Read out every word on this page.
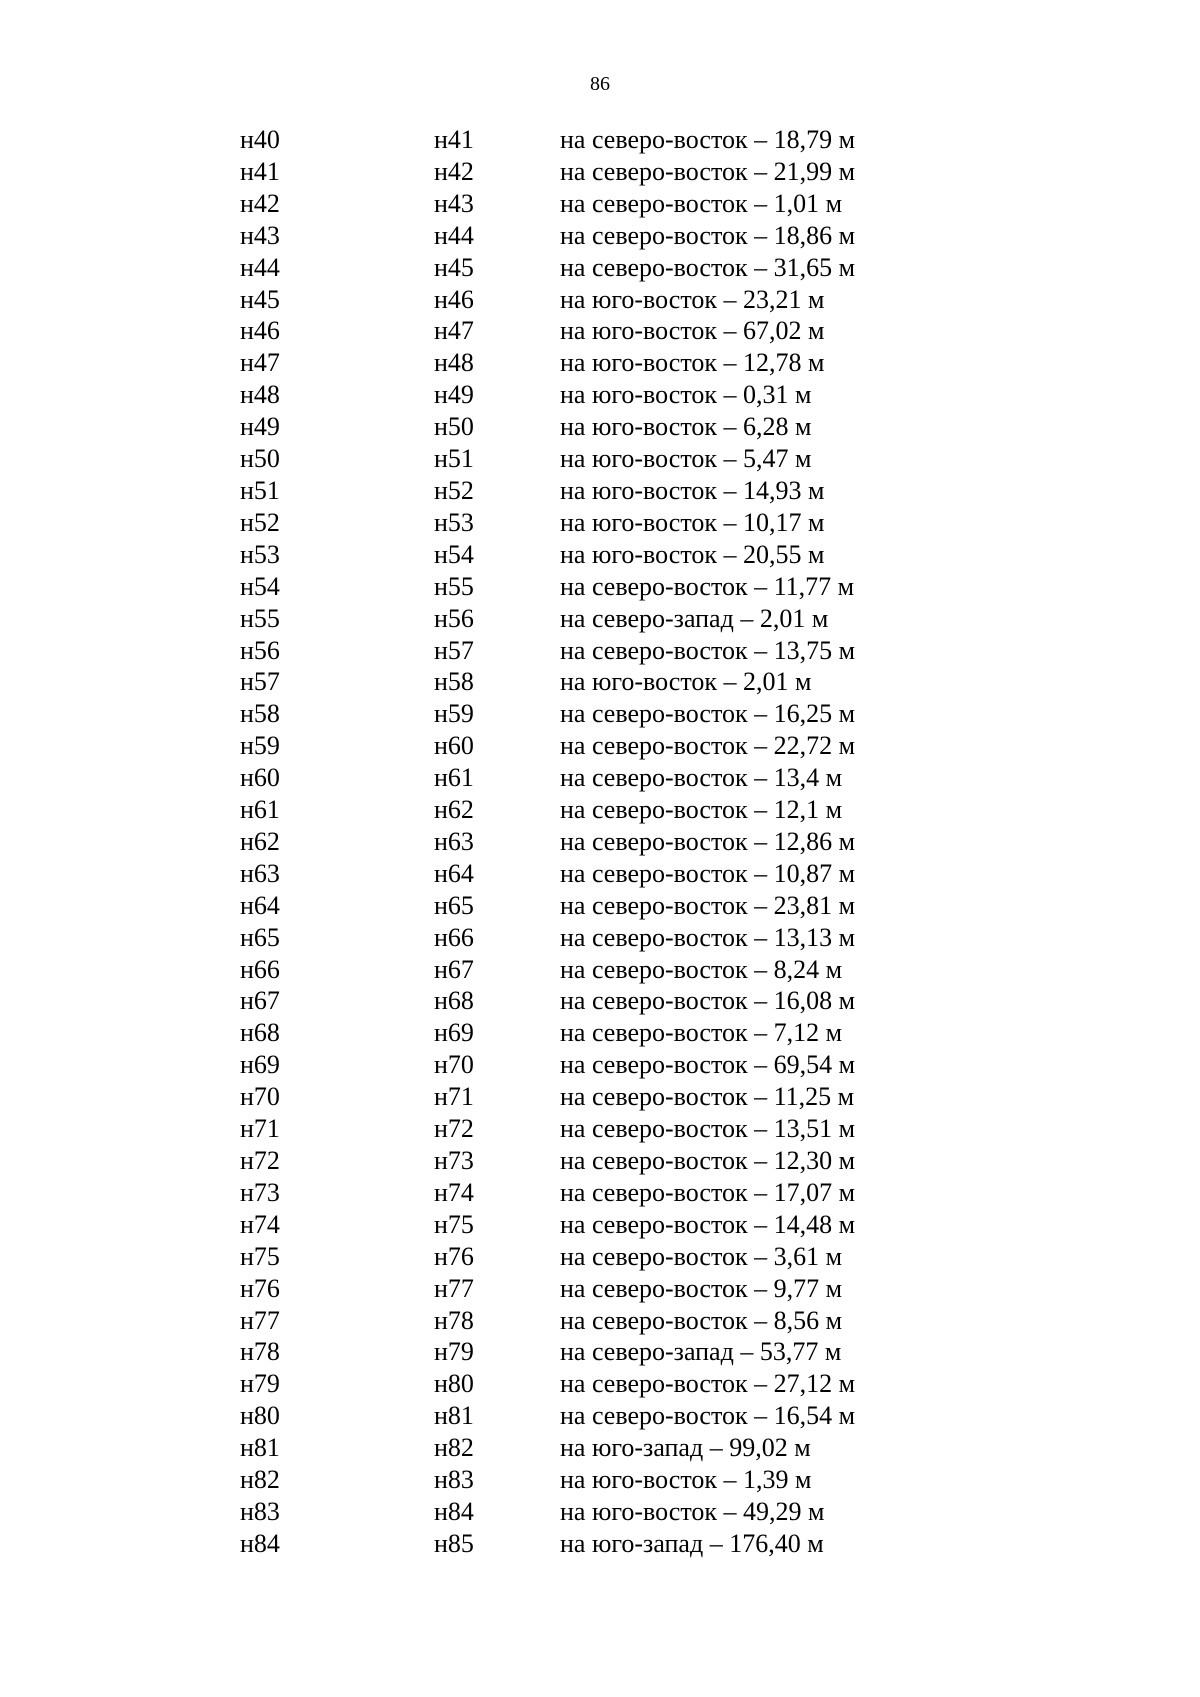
86
н40	н41	на северо-восток – 18,79 м
н41	н42	на северо-восток – 21,99 м
н42	н43	на северо-восток – 1,01 м
н43	н44	на северо-восток – 18,86 м
н44	н45	на северо-восток – 31,65 м
н45	н46	на юго-восток – 23,21 м
н46	н47	на юго-восток – 67,02 м
н47	н48	на юго-восток – 12,78 м
н48	н49	на юго-восток – 0,31 м
н49	н50	на юго-восток – 6,28 м
н50	н51	на юго-восток – 5,47 м
н51	н52	на юго-восток – 14,93 м
н52	н53	на юго-восток – 10,17 м
н53	н54	на юго-восток – 20,55 м
н54	н55	на северо-восток – 11,77 м
н55	н56	на северо-запад – 2,01 м
н56	н57	на северо-восток – 13,75 м
н57	н58	на юго-восток – 2,01 м
н58	н59	на северо-восток – 16,25 м
н59	н60	на северо-восток – 22,72 м
н60	н61	на северо-восток – 13,4 м
н61	н62	на северо-восток – 12,1 м
н62	н63	на северо-восток – 12,86 м
н63	н64	на северо-восток – 10,87 м
н64	н65	на северо-восток – 23,81 м
н65	н66	на северо-восток – 13,13 м
н66	н67	на северо-восток – 8,24 м
н67	н68	на северо-восток – 16,08 м
н68	н69	на северо-восток – 7,12 м
н69	н70	на северо-восток – 69,54 м
н70	н71	на северо-восток – 11,25 м
н71	н72	на северо-восток – 13,51 м
н72	н73	на северо-восток – 12,30 м
н73	н74	на северо-восток – 17,07 м
н74	н75	на северо-восток – 14,48 м
н75	н76	на северо-восток – 3,61 м
н76	н77	на северо-восток – 9,77 м
н77	н78	на северо-восток – 8,56 м
н78	н79	на северо-запад – 53,77 м
н79	н80	на северо-восток – 27,12 м
н80	н81	на северо-восток – 16,54 м
н81	н82	на юго-запад – 99,02 м
н82	н83	на юго-восток – 1,39 м
н83	н84	на юго-восток – 49,29 м
н84	н85	на юго-запад – 176,40 м
